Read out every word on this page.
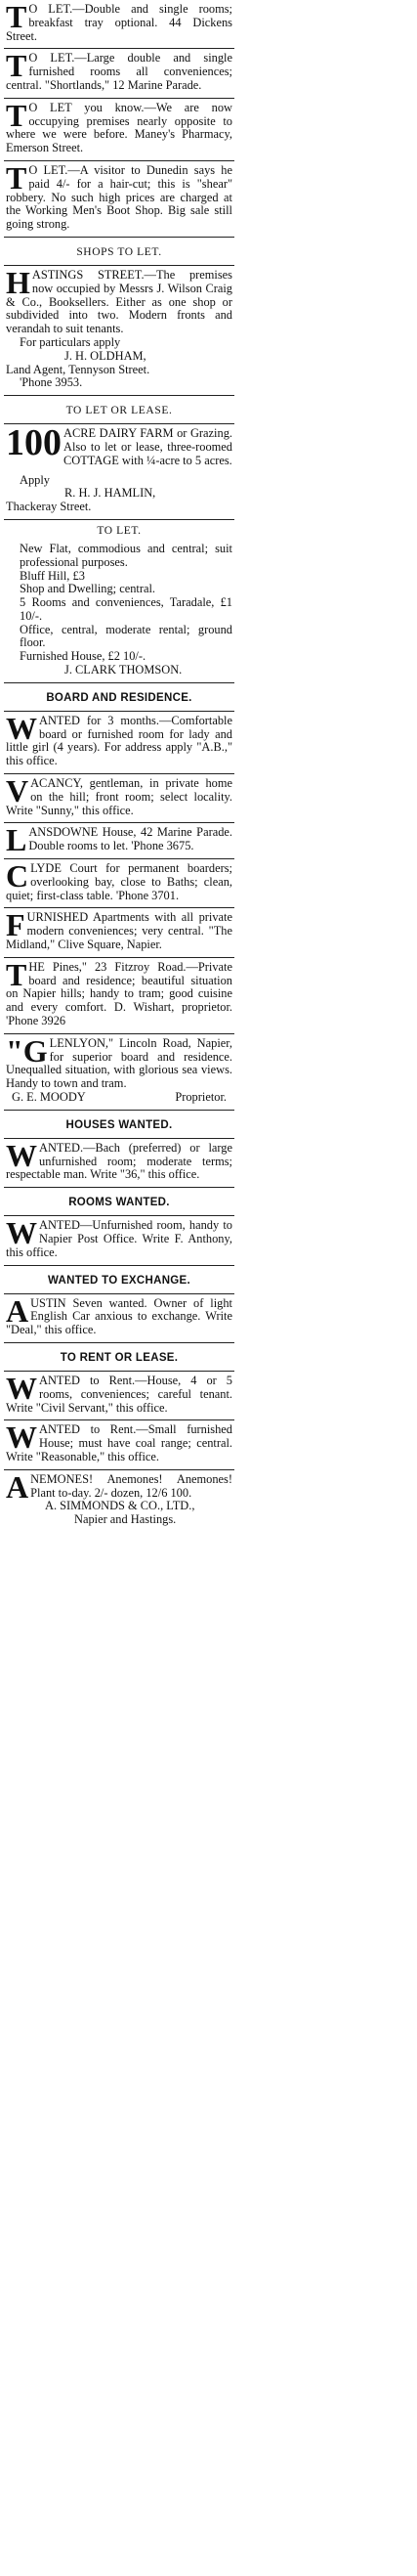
T O LET.—Double and single rooms; breakfast tray optional. 44 Dickens Street.

T O LET.—Large double and single furnished rooms all conveniences; central. "Shortlands," 12 Marine Parade.

T O LET you know.—We are now occupying premises nearly opposite to where we were before. Maney's Pharmacy, Emerson Street.

T O LET.—A visitor to Dunedin says he paid 4/- for a hair-cut; this is "shear" robbery. No such high prices are charged at the Working Men's Boot Shop. Big sale still going strong.

SHOPS TO LET.

HASTINGS STREET.—The premises now occupied by Messrs J. Wilson Craig & Co., Booksellers. Either as one shop or subdivided into two. Modern fronts and verandah to suit tenants.

For particulars apply

J. H. OLDHAM,

Land Agent, Tennyson Street.

'Phone 3953.

TO LET OR LEASE.

100 ACRE DAIRY FARM or Grazing. Also to let or lease, three-roomed COTTAGE with ¼-acre to 5 acres.

Apply

R. H. J. HAMLIN,

Thackeray Street.

TO LET.

New Flat, commodious and central; suit professional purposes.

Bluff Hill, £3

Shop and Dwelling; central.

5 Rooms and conveniences, Taradale, £1 10/-.

Office, central, moderate rental; ground floor.

Furnished House, £2 10/-.

J. CLARK THOMSON.

BOARD AND RESIDENCE.

WANTED for 3 months.—Comfortable board or furnished room for lady and little girl (4 years). For address apply "A.B.," this office.

VACANCY, gentleman, in private home on the hill; front room; select locality. Write "Sunny," this office.

LANSDOWNE House, 42 Marine Parade. Double rooms to let. 'Phone 3675.

CLYDE Court for permanent boarders; overlooking bay, close to Baths; clean, quiet; first-class table. 'Phone 3701.

FURNISHED Apartments with all private modern conveniences; very central. "The Midland," Clive Square, Napier.

THE Pines," 23 Fitzroy Road.—Private board and residence; beautiful situation on Napier hills; handy to tram; good cuisine and every comfort. D. Wishart, proprietor. 'Phone 3926

"GLENLYON," Lincoln Road, Napier, for superior board and residence. Unequalled situation, with glorious sea views. Handy to town and tram.

G. E. MOODY	Proprietor.

HOUSES WANTED.

WANTED.—Bach (preferred) or large unfurnished room; moderate terms; respectable man. Write "36," this office.

ROOMS WANTED.

WANTED—Unfurnished room, handy to Napier Post Office. Write F. Anthony, this office.

WANTED TO EXCHANGE.

AUSTIN Seven wanted. Owner of light English Car anxious to exchange. Write "Deal," this office.

TO RENT OR LEASE.

WANTED to Rent.—House, 4 or 5 rooms, conveniences; careful tenant. Write "Civil Servant," this office.

WANTED to Rent.—Small furnished House; must have coal range; central. Write "Reasonable," this office.

ANEMONES! Anemones! Anemones! Plant to-day. 2/- dozen, 12/6 100.

A. SIMMONDS & CO., LTD.,

Napier and Hastings.
